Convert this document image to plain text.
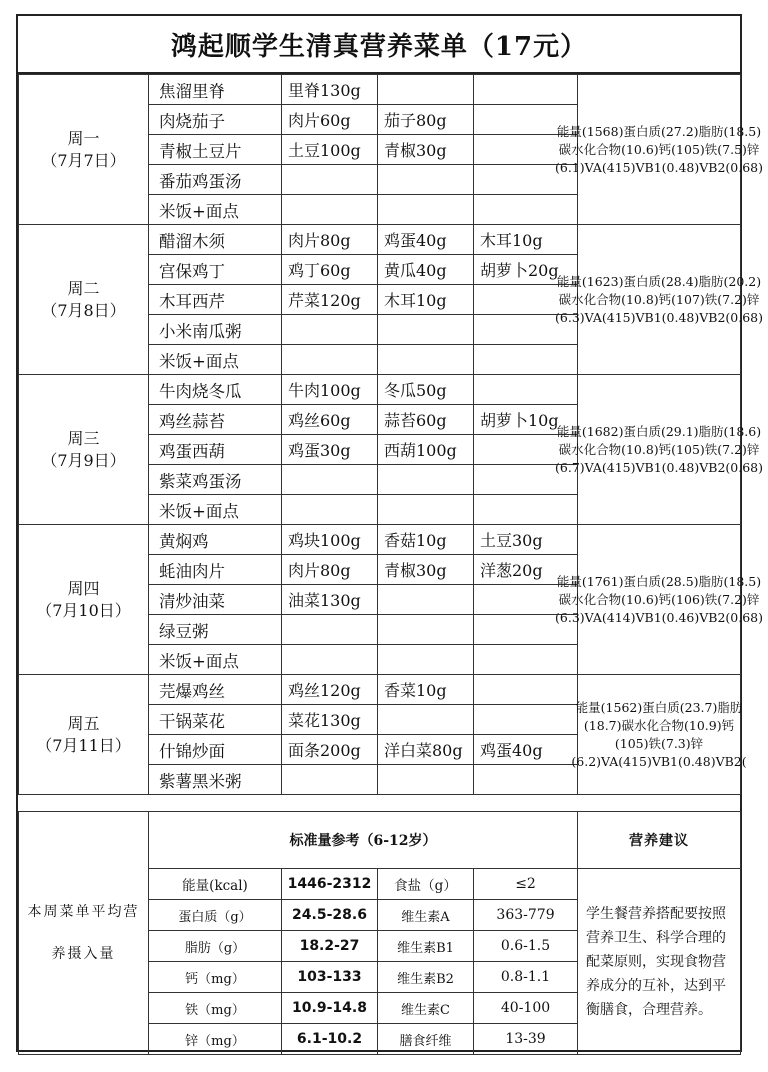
鸿起顺学生清真营养菜单（17元）
周一
（7月7日）	焦溜里脊	里脊130g			能量(1568)蛋白质(27.2)脂肪(18.5)碳水化合物(10.6)钙(105)铁(7.5)锌(6.1)VA(415)VB1(0.48)VB2(0.68)

	肉烧茄子	肉片60g	茄子80g		
	青椒土豆片	土豆100g	青椒30g		
	番茄鸡蛋汤				
	米饭+面点				

周二
（7月8日）	醋溜木须	肉片80g	鸡蛋40g	木耳10g	能量(1623)蛋白质(28.4)脂肪(20.2)碳水化合物(10.8)钙(107)铁(7.2)锌(6.3)VA(415)VB1(0.48)VB2(0.68)

	宫保鸡丁	鸡丁60g	黄瓜40g	胡萝卜20g	
	木耳西芹	芹菜120g	木耳10g		
	小米南瓜粥				
	米饭+面点				

周三
（7月9日）	牛肉烧冬瓜	牛肉100g	冬瓜50g		能量(1682)蛋白质(29.1)脂肪(18.6)碳水化合物(10.8)钙(105)铁(7.2)锌(6.7)VA(415)VB1(0.48)VB2(0.68)

	鸡丝蒜苔	鸡丝60g	蒜苔60g	胡萝卜10g	
	鸡蛋西葫	鸡蛋30g	西葫100g		
	紫菜鸡蛋汤				
	米饭+面点				

周四
（7月10日）	黄焖鸡	鸡块100g	香菇10g	土豆30g	能量(1761)蛋白质(28.5)脂肪(18.5)碳水化合物(10.6)钙(106)铁(7.2)锌(6.3)VA(414)VB1(0.46)VB2(0.68)

	蚝油肉片	肉片80g	青椒30g	洋葱20g	
	清炒油菜	油菜130g			
	绿豆粥				
	米饭+面点				

周五
（7月11日）	芫爆鸡丝	鸡丝120g	香菜10g		能量(1562)蛋白质(23.7)脂肪(18.7)碳水化合物(10.9)钙(105)铁(7.3)锌(6.2)VA(415)VB1(0.48)VB2(

	干锅菜花	菜花130g			
	什锦炒面	面条200g	洋白菜80g	鸡蛋40g	
	紫薯黑米粥				
本周菜单平均营养摄入量	标准量参考（6-12岁）				营养建议
	能量(kcal)	1446-2312	食盐（g）	≤2	学生餐营养搭配要按照营养卫生、科学合理的配菜原则，实现食物营养成分的互补，达到平衡膳食，合理营养。
	蛋白质（g）	24.5-28.6	维生素A	363-779	
	脂肪（g）	18.2-27	维生素B1	0.6-1.5	
	钙（mg）	103-133	维生素B2	0.8-1.1	
	铁（mg）	10.9-14.8	维生素C	40-100	
	锌（mg）	6.1-10.2	膳食纤维	13-39	
